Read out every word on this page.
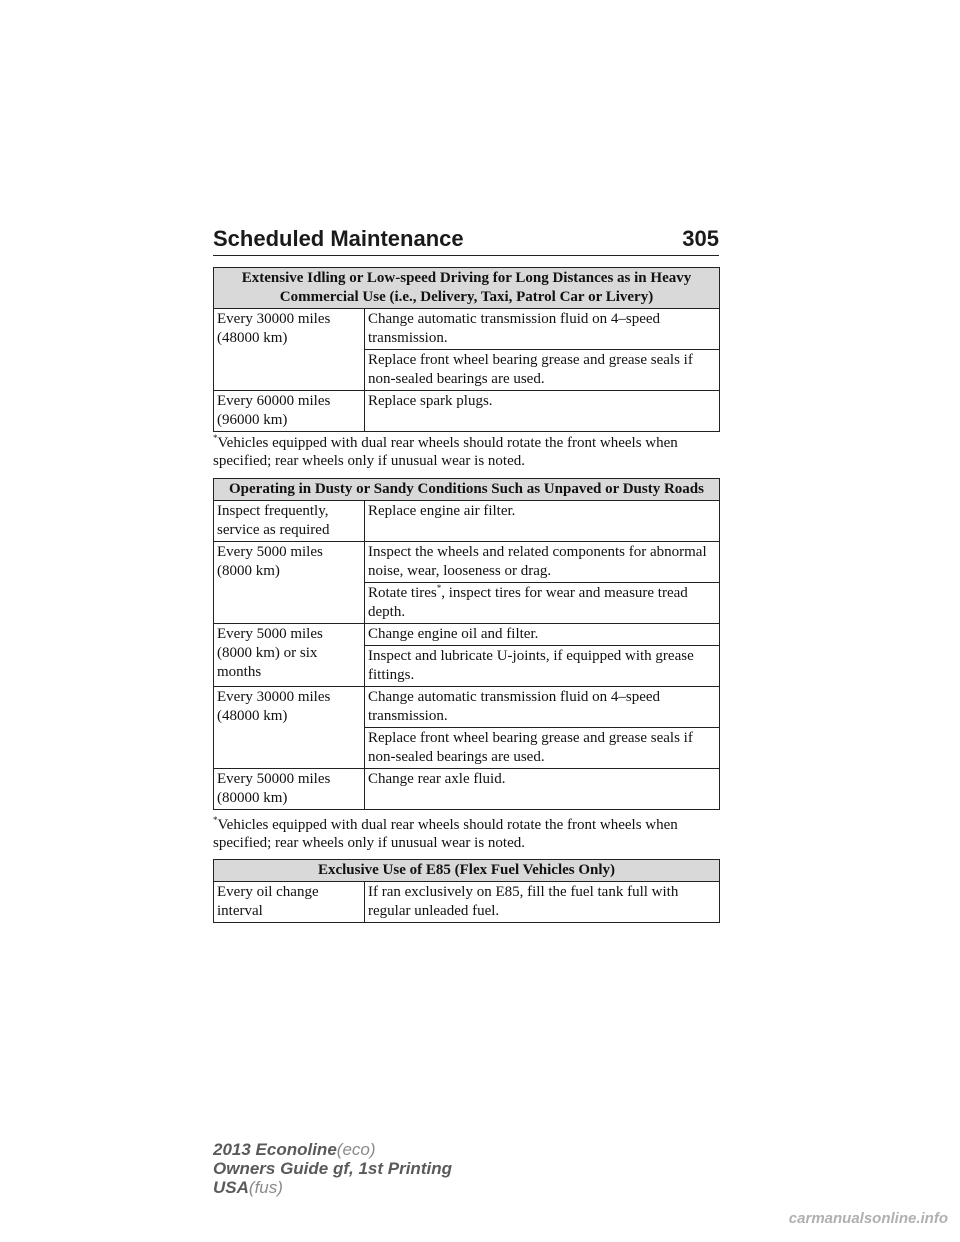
Scheduled Maintenance	305
Extensive Idling or Low-speed Driving for Long Distances as in Heavy Commercial Use (i.e., Delivery, Taxi, Patrol Car or Livery)	
Every 30000 miles (48000 km)	Change automatic transmission fluid on 4–speed transmission.
	Replace front wheel bearing grease and grease seals if non-sealed bearings are used.
Every 60000 miles (96000 km)	Replace spark plugs.
*Vehicles equipped with dual rear wheels should rotate the front wheels when specified; rear wheels only if unusual wear is noted.
Operating in Dusty or Sandy Conditions Such as Unpaved or Dusty Roads	
Inspect frequently, service as required	Replace engine air filter.
Every 5000 miles (8000 km)	Inspect the wheels and related components for abnormal noise, wear, looseness or drag.
	Rotate tires*, inspect tires for wear and measure tread depth.
Every 5000 miles (8000 km) or six months	Change engine oil and filter.
	Inspect and lubricate U-joints, if equipped with grease fittings.
Every 30000 miles (48000 km)	Change automatic transmission fluid on 4–speed transmission.
	Replace front wheel bearing grease and grease seals if non-sealed bearings are used.
Every 50000 miles (80000 km)	Change rear axle fluid.
*Vehicles equipped with dual rear wheels should rotate the front wheels when specified; rear wheels only if unusual wear is noted.
Exclusive Use of E85 (Flex Fuel Vehicles Only)
Every oil change interval	If ran exclusively on E85, fill the fuel tank full with regular unleaded fuel.
2013 Econoline(eco)
Owners Guide gf, 1st Printing
USA(fus)
carmanualsonline.info
